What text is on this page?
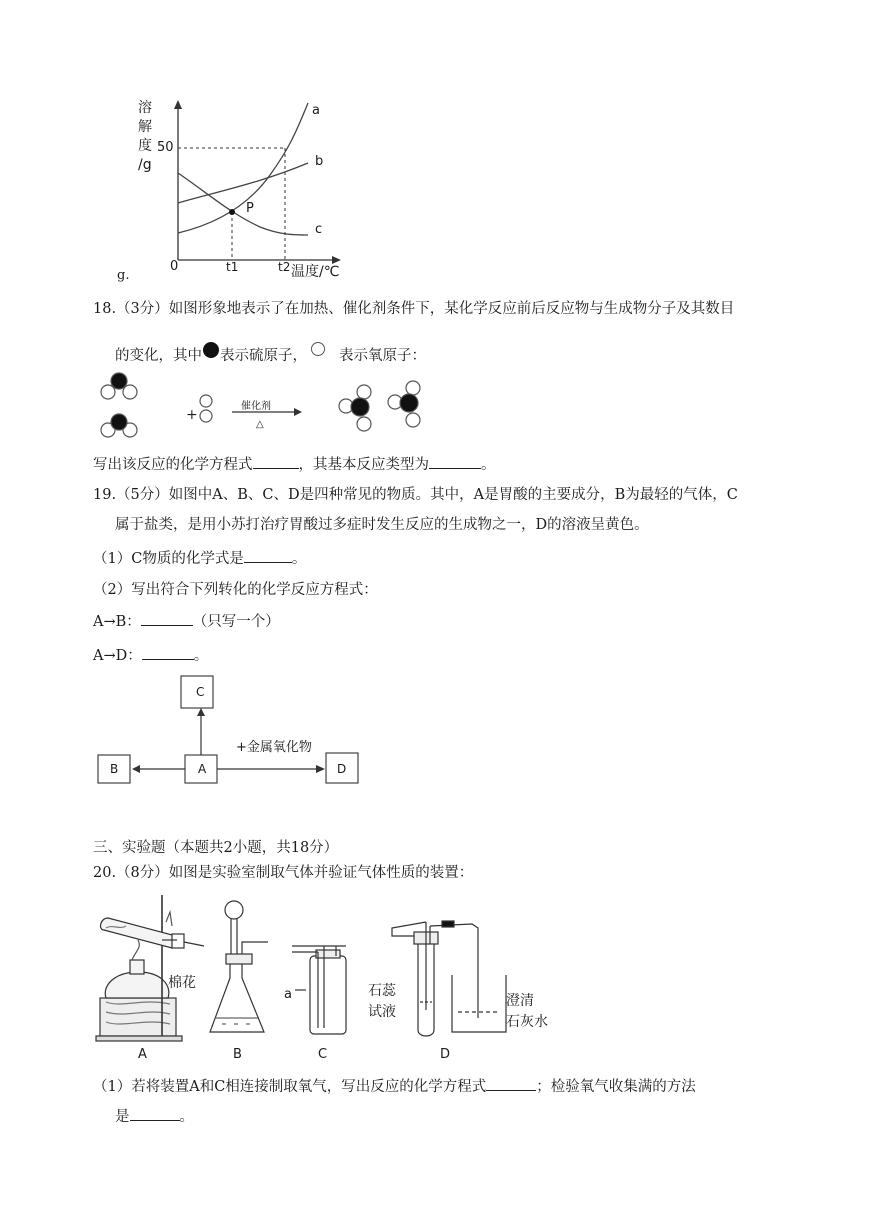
溶
解
度
/g
50
0	t1	t2 温度/℃
a
b
c
P
g.
18.（3分）如图形象地表示了在加热、催化剂条件下，某化学反应前后反应物与生成物分子及其数目
的变化，其中 表示硫原子， 表示氧原子：
+
催化剂
△
写出该反应的化学方程式	，其基本反应类型为	。
19.（5分）如图中A、B、C、D是四种常见的物质。其中，A是胃酸的主要成分，B为最轻的气体，C
属于盐类，是用小苏打治疗胃酸过多症时发生反应的生成物之一，D的溶液呈黄色。
（1）C物质的化学式是	。
（2）写出符合下列转化的化学反应方程式：
A→B：	（只写一个）
A→D：	。
C
B	A	D
+金属氧化物
三、实验题（本题共2小题，共18分）
20.（8分）如图是实验室制取气体并验证气体性质的装置：
棉花
a	石蕊
试液
澄清
石灰水
A	B	C	D
（1）若将装置A和C相连接制取氧气，写出反应的化学方程式	；检验氧气收集满的方法
是	。
